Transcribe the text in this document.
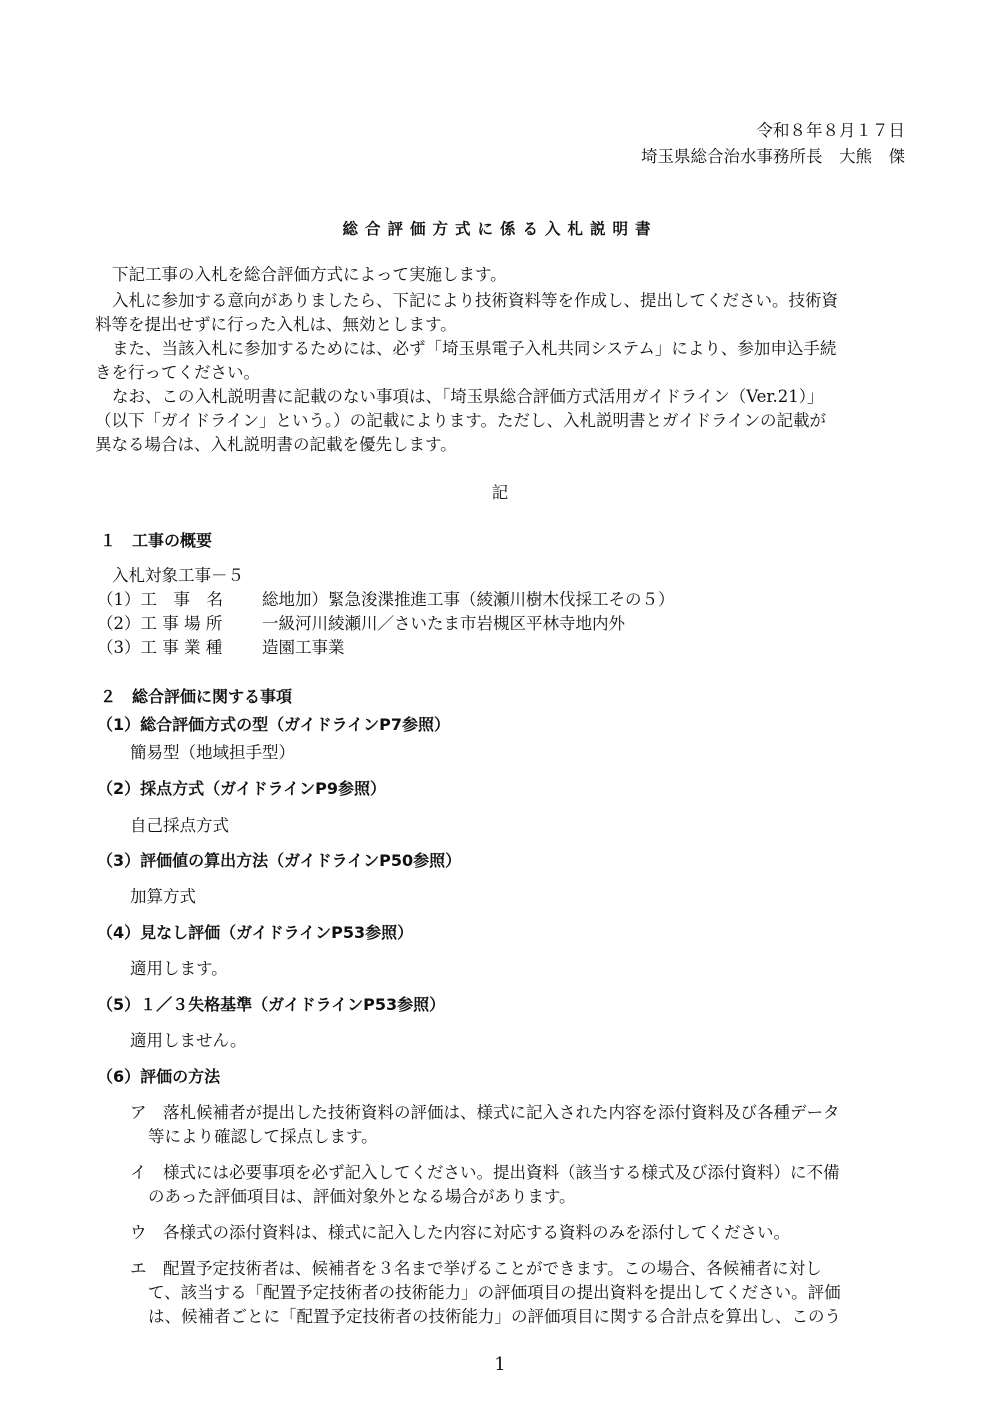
令和８年８月１７日
埼玉県総合治水事務所長　大熊　傑
総合評価方式に係る入札説明書
下記工事の入札を総合評価方式によって実施します。
入札に参加する意向がありましたら、下記により技術資料等を作成し、提出してください。技術資
料等を提出せずに行った入札は、無効とします。
また、当該入札に参加するためには、必ず「埼玉県電子入札共同システム」により、参加申込手続
きを行ってください。
なお、この入札説明書に記載のない事項は、「埼玉県総合評価方式活用ガイドライン（Ver.21）」
（以下「ガイドライン」という。）の記載によります。ただし、入札説明書とガイドラインの記載が
異なる場合は、入札説明書の記載を優先します。
記
１　工事の概要
入札対象工事－５
（1）工　事　名 総地加）緊急浚渫推進工事（綾瀬川樹木伐採工その５）
（2）工 事 場 所 一級河川綾瀬川／さいたま市岩槻区平林寺地内外
（3）工 事 業 種 造園工事業
２　総合評価に関する事項
（1）総合評価方式の型（ガイドラインP7参照）
簡易型（地域担手型）
（2）採点方式（ガイドラインP9参照）
自己採点方式
（3）評価値の算出方法（ガイドラインP50参照）
加算方式
（4）見なし評価（ガイドラインP53参照）
適用します。
（5）１／３失格基準（ガイドラインP53参照）
適用しません。
（6）評価の方法
ア　落札候補者が提出した技術資料の評価は、様式に記入された内容を添付資料及び各種データ
等により確認して採点します。
イ　様式には必要事項を必ず記入してください。提出資料（該当する様式及び添付資料）に不備
のあった評価項目は、評価対象外となる場合があります。
ウ　各様式の添付資料は、様式に記入した内容に対応する資料のみを添付してください。
エ　配置予定技術者は、候補者を３名まで挙げることができます。この場合、各候補者に対し
て、該当する「配置予定技術者の技術能力」の評価項目の提出資料を提出してください。評価
は、候補者ごとに「配置予定技術者の技術能力」の評価項目に関する合計点を算出し、このう
1
